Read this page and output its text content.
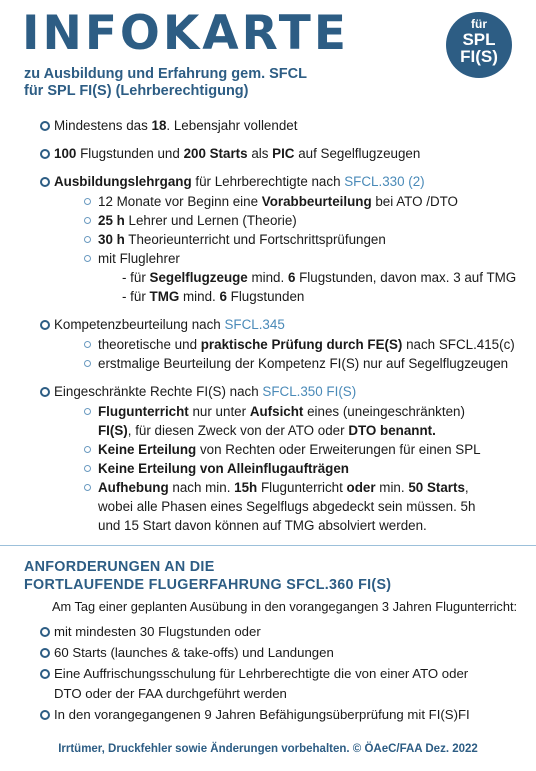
INFOKARTE
zu Ausbildung und Erfahrung gem. SFCL
für SPL FI(S) (Lehrberechtigung)
für
SPL
FI(S)
Mindestens das 18. Lebensjahr vollendet
100 Flugstunden und 200 Starts als PIC auf Segelflugzeugen
Ausbildungslehrgang für Lehrberechtigte nach SFCL.330 (2)
12 Monate vor Beginn eine Vorabbeurteilung bei ATO /DTO
25 h Lehrer und Lernen (Theorie)
30 h Theorieunterricht und Fortschrittsprüfungen
mit Fluglehrer
- für Segelflugzeuge mind. 6 Flugstunden, davon max. 3 auf TMG
- für TMG mind. 6 Flugstunden
Kompetenzbeurteilung nach SFCL.345
theoretische und praktische Prüfung durch FE(S) nach SFCL.415(c)
erstmalige Beurteilung der Kompetenz FI(S) nur auf Segelflugzeugen
Eingeschränkte Rechte FI(S) nach SFCL.350 FI(S)
Flugunterricht nur unter Aufsicht eines (uneingeschränkten)
FI(S), für diesen Zweck von der ATO oder DTO benannt.
Keine Erteilung von Rechten oder Erweiterungen für einen SPL
Keine Erteilung von Alleinflugaufträgen
Aufhebung nach min. 15h Flugunterricht oder min. 50 Starts,
wobei alle Phasen eines Segelflugs abgedeckt sein müssen. 5h
und 15 Start davon können auf TMG absolviert werden.
ANFORDERUNGEN AN DIE
FORTLAUFENDE FLUGERFAHRUNG SFCL.360 FI(S)
Am Tag einer geplanten Ausübung in den vorangegangen 3 Jahren Flugunterricht:
mit mindesten 30 Flugstunden oder
60 Starts (launches & take-offs) und Landungen
Eine Auffrischungsschulung für Lehrberechtigte die von einer ATO oder
DTO oder der FAA durchgeführt werden
In den vorangegangenen 9 Jahren Befähigungsüberprüfung mit FI(S)FI
Irrtümer, Druckfehler sowie Änderungen vorbehalten. © ÖAeC/FAA Dez. 2022
